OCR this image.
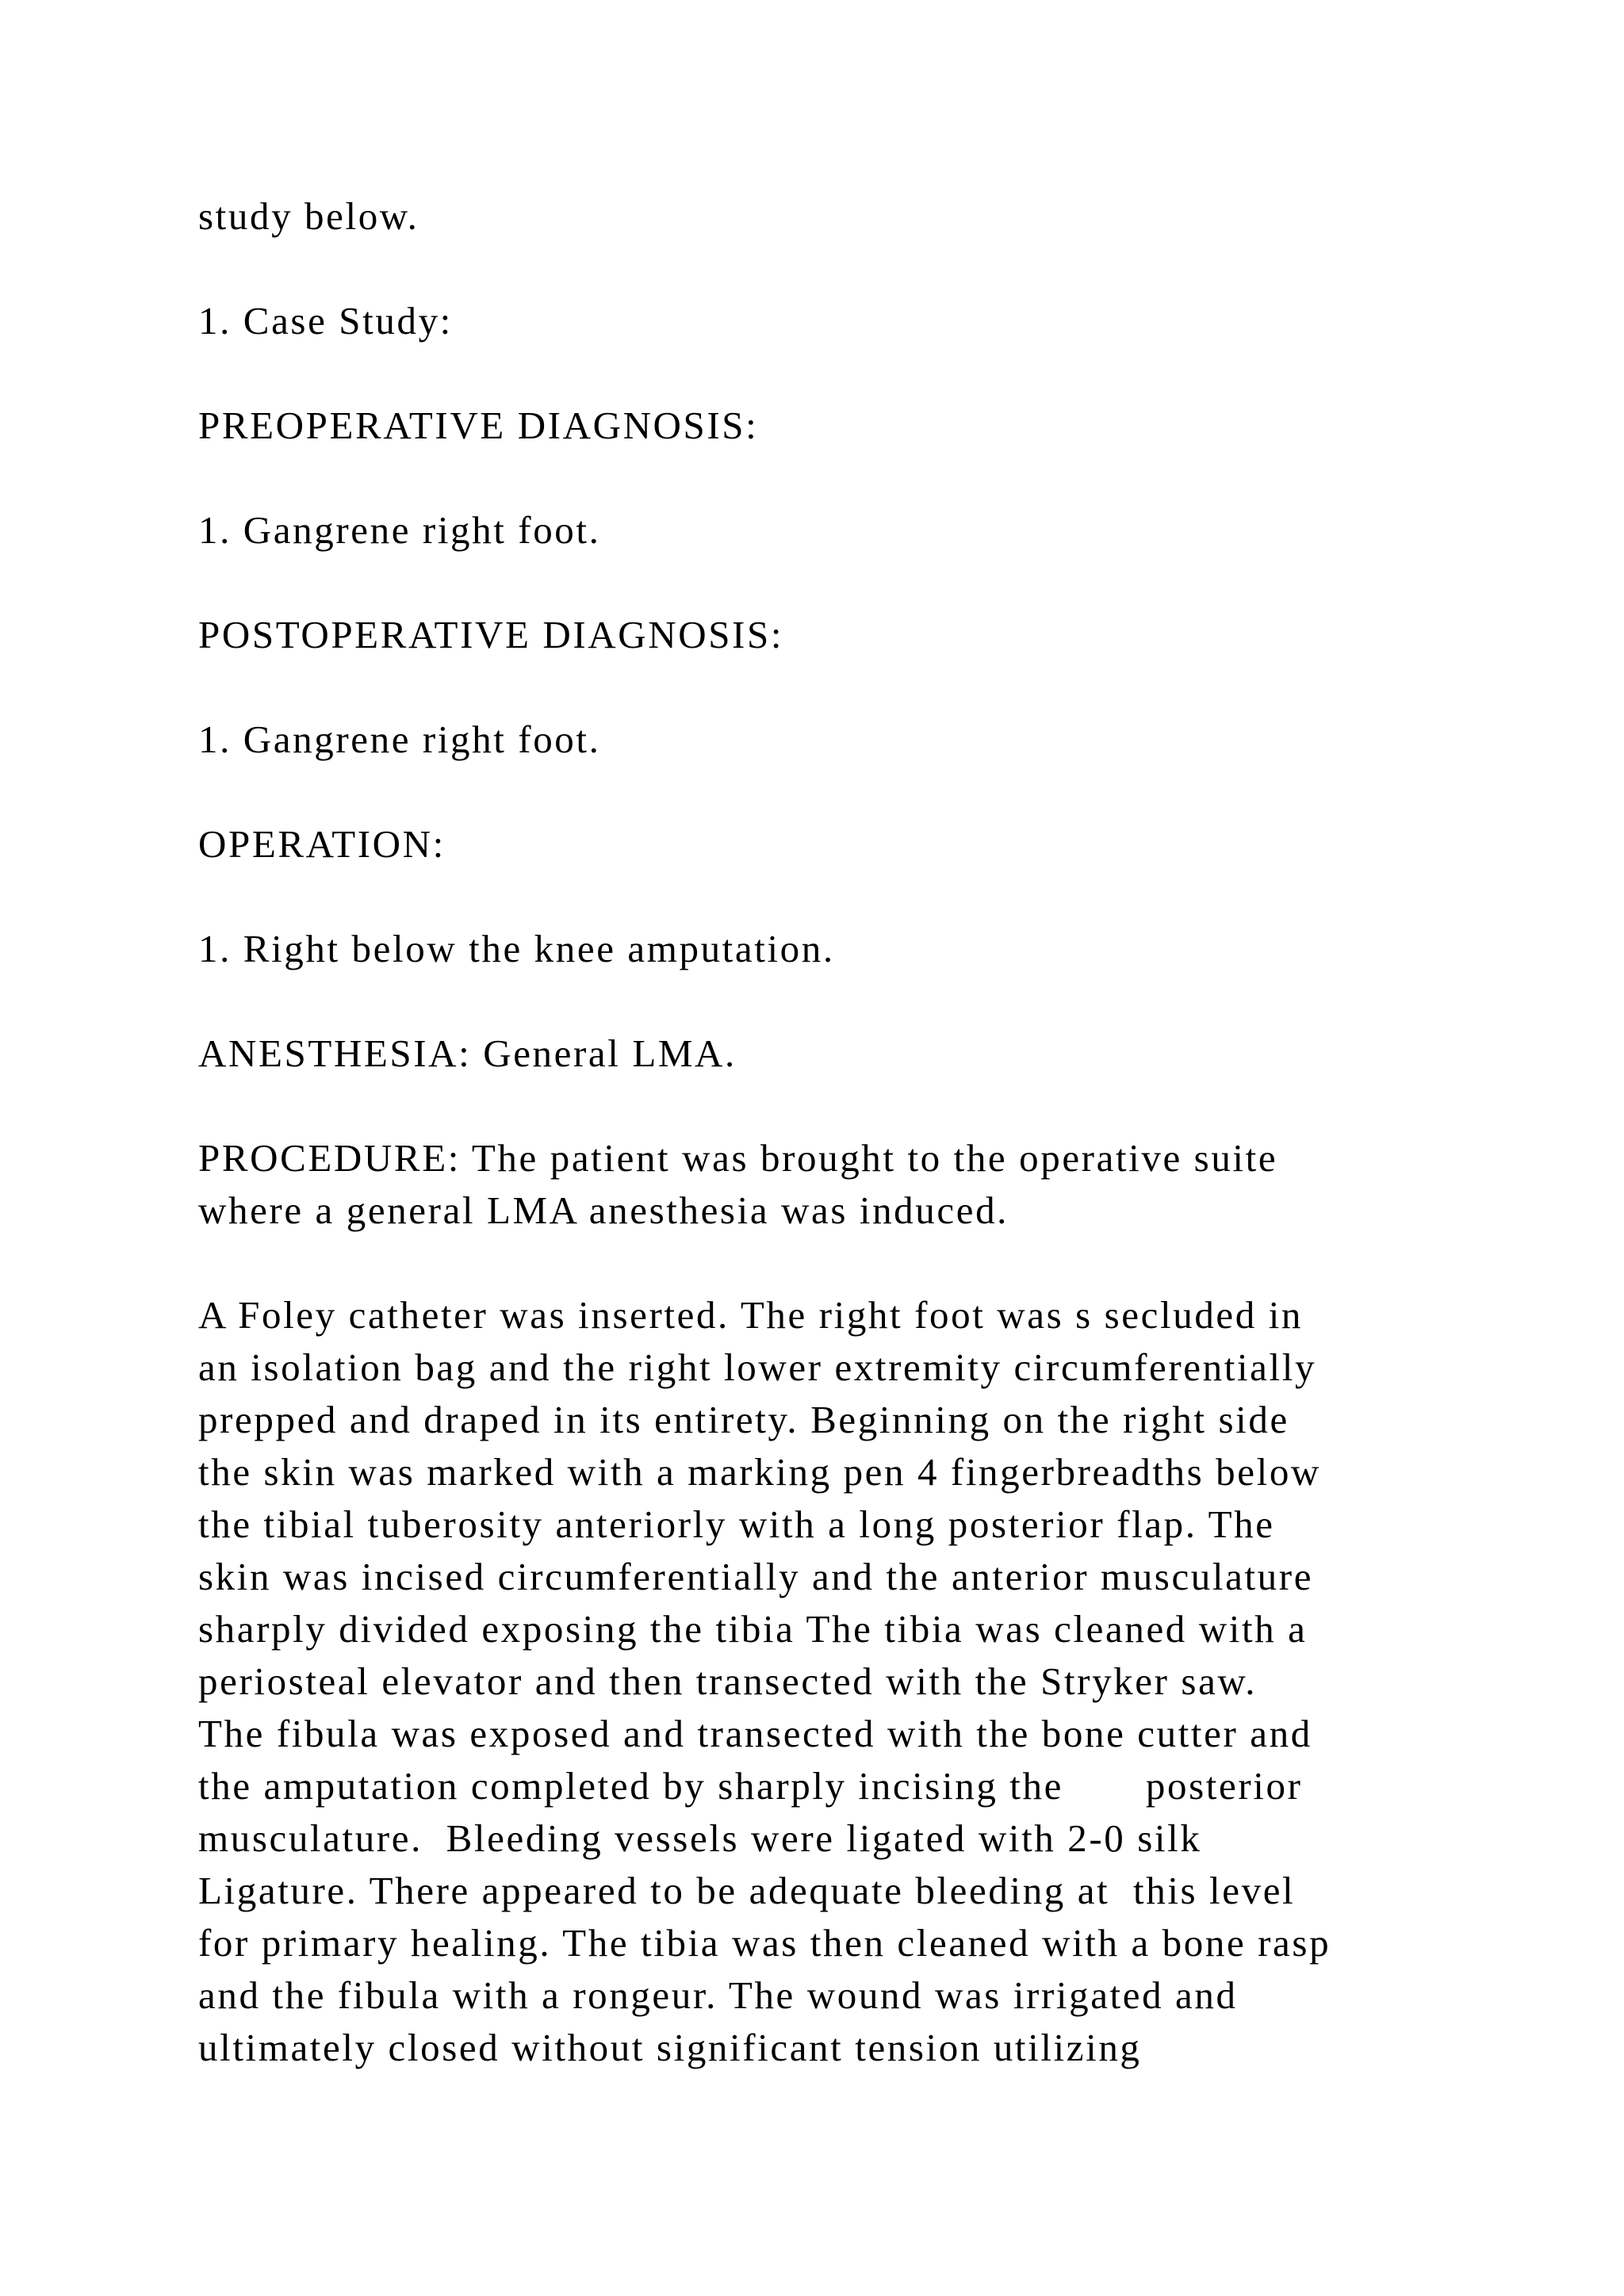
study below.
1. Case Study:
PREOPERATIVE DIAGNOSIS:
1. Gangrene right foot.
POSTOPERATIVE DIAGNOSIS:
1. Gangrene right foot.
OPERATION:
1. Right below the knee amputation.
ANESTHESIA: General LMA.
PROCEDURE: The patient was brought to the operative suite
where a general LMA anesthesia was induced.
A Foley catheter was inserted. The right foot was s secluded in
an isolation bag and the right lower extremity circumferentially
prepped and draped in its entirety. Beginning on the right side
the skin was marked with a marking pen 4 fingerbreadths below
the tibial tuberosity anteriorly with a long posterior flap. The
skin was incised circumferentially and the anterior musculature
sharply divided exposing the tibia The tibia was cleaned with a
periosteal elevator and then transected with the Stryker saw.
The fibula was exposed and transected with the bone cutter and
the amputation completed by sharply incising the       posterior
musculature.  Bleeding vessels were ligated with 2-0 silk
Ligature. There appeared to be adequate bleeding at  this level
for primary healing. The tibia was then cleaned with a bone rasp
and the fibula with a rongeur. The wound was irrigated and
ultimately closed without significant tension utilizing
